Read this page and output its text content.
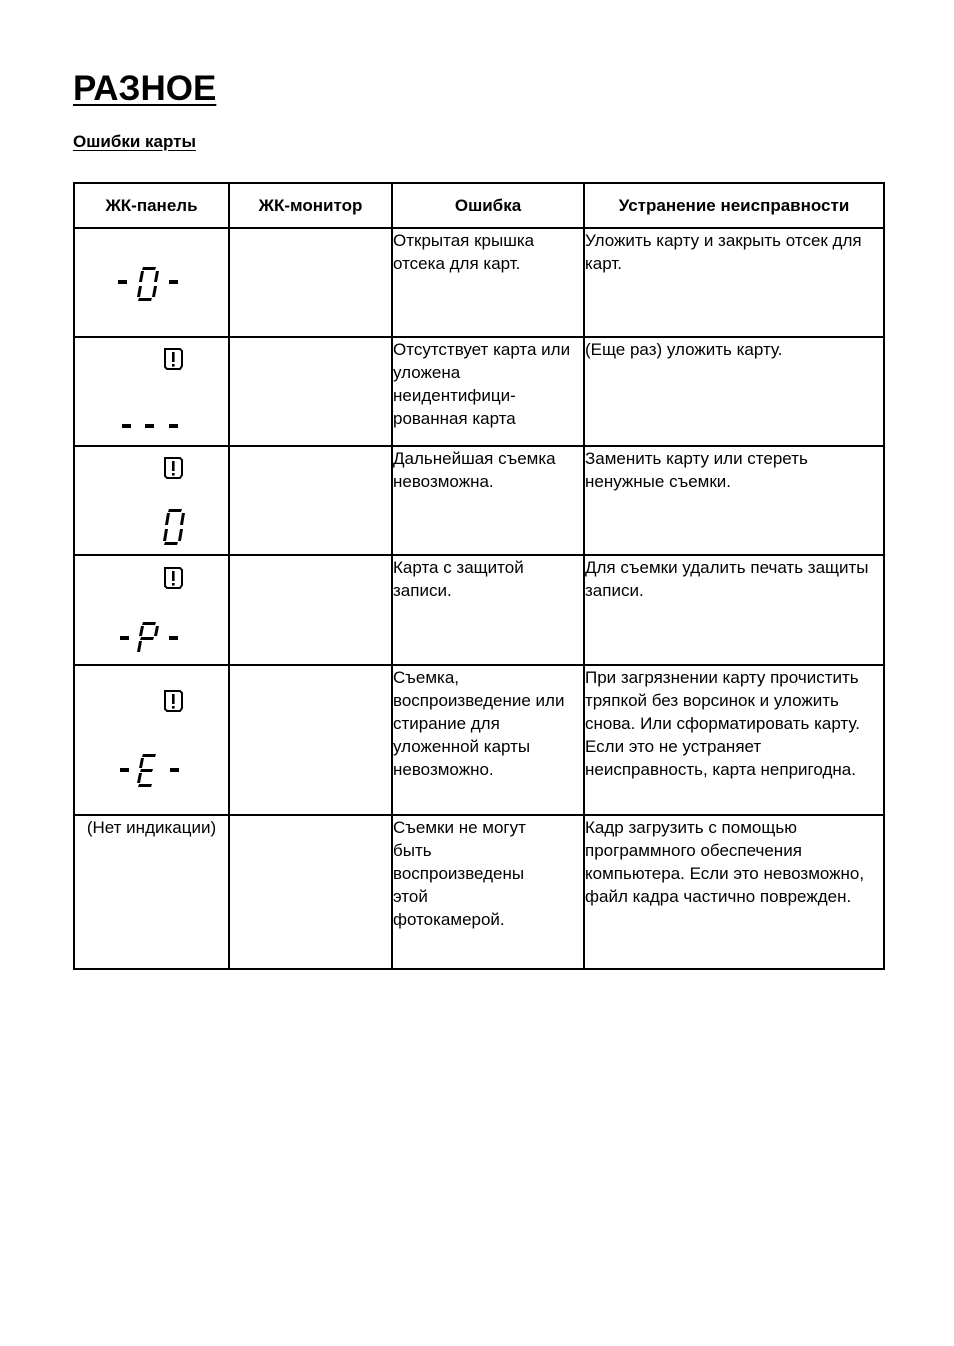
РАЗНОЕ
Ошибки карты
ЖК-панель	ЖК-монитор	Ошибка	Устранение неисправности

		Открытая крышка отсека для карт.	Уложить карту и закрыть отсек для карт.

		Отсутствует карта или уложена неидентифици-рованная карта	(Еще раз) уложить карту.

		Дальнейшая съемка невозможна.	Заменить карту или стереть ненужные съемки.

		Карта с защитой записи.	Для съемки удалить печать защиты записи.

		Съемка, воспроизведение или стирание для уложенной карты невозможно.	При загрязнении карту прочистить тряпкой без ворсинок и уложить снова. Или сформатировать карту. Если это не устраняет неисправность, карта непригодна.
(Нет индикации)		Съемки не могут быть воспроизведены этой фотокамерой.	Кадр загрузить с помощью программного обеспечения компьютера. Если это невозможно, файл кадра частично поврежден.
